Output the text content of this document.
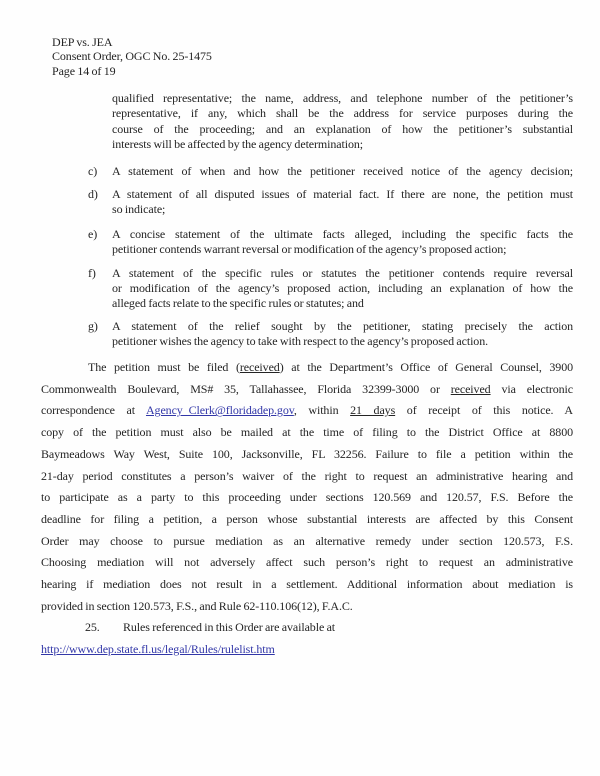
DEP vs. JEA
Consent Order, OGC No. 25-1475
Page 14 of 19
qualified representative; the name, address, and telephone number of the petitioner’s
representative, if any, which shall be the address for service purposes during the
course of the proceeding; and an explanation of how the petitioner’s substantial
interests will be affected by the agency determination;
c) A statement of when and how the petitioner received notice of the agency decision;
d) A statement of all disputed issues of material fact. If there are none, the petition must
so indicate;
e) A concise statement of the ultimate facts alleged, including the specific facts the
petitioner contends warrant reversal or modification of the agency’s proposed action;
f) A statement of the specific rules or statutes the petitioner contends require reversal
or modification of the agency’s proposed action, including an explanation of how the
alleged facts relate to the specific rules or statutes; and
g) A statement of the relief sought by the petitioner, stating precisely the action
petitioner wishes the agency to take with respect to the agency’s proposed action.
The petition must be filed (received) at the Department’s Office of General Counsel, 3900
Commonwealth Boulevard, MS# 35, Tallahassee, Florida 32399-3000 or received via electronic
correspondence at Agency_Clerk@floridadep.gov, within 21 days of receipt of this notice. A
copy of the petition must also be mailed at the time of filing to the District Office at 8800
Baymeadows Way West, Suite 100, Jacksonville, FL 32256. Failure to file a petition within the
21-day period constitutes a person’s waiver of the right to request an administrative hearing and
to participate as a party to this proceeding under sections 120.569 and 120.57, F.S. Before the
deadline for filing a petition, a person whose substantial interests are affected by this Consent
Order may choose to pursue mediation as an alternative remedy under section 120.573, F.S.
Choosing mediation will not adversely affect such person’s right to request an administrative
hearing if mediation does not result in a settlement. Additional information about mediation is
provided in section 120.573, F.S., and Rule 62-110.106(12), F.A.C.
25. Rules referenced in this Order are available at
http://www.dep.state.fl.us/legal/Rules/rulelist.htm
